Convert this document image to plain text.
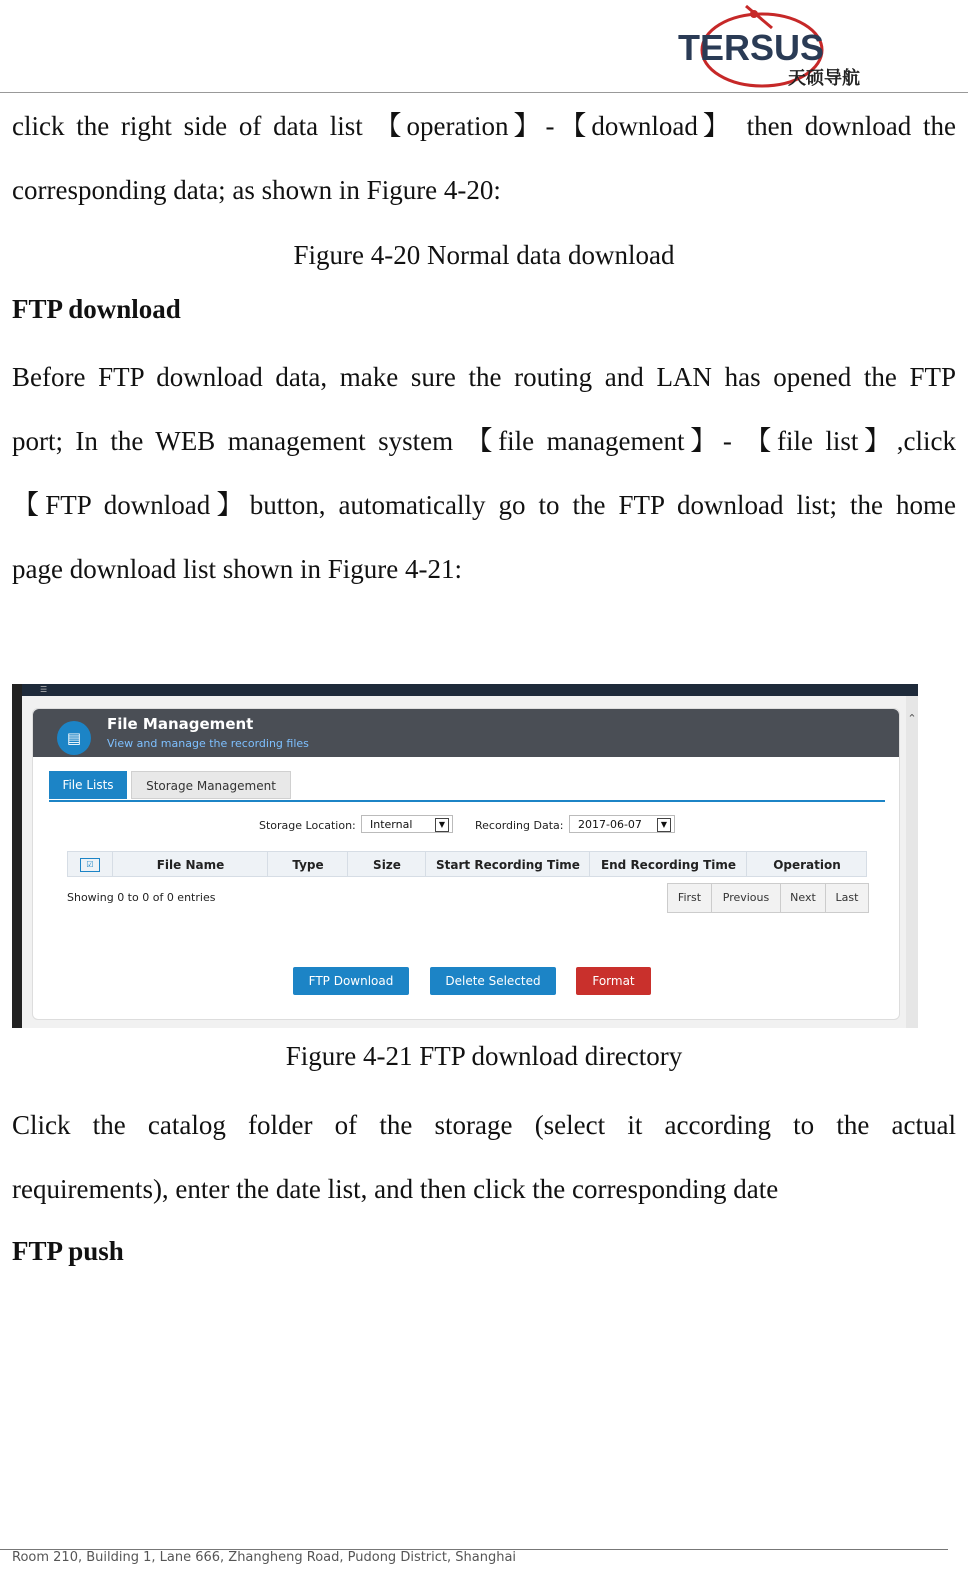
TERSUS
天硕导航
click the right side of data list 【operation】-【download】 then download the
corresponding data; as shown in Figure 4-20:
Figure 4-20 Normal data download
FTP download
Before FTP download data, make sure the routing and LAN has opened the FTP
port; In the WEB management system 【file management】- 【file list】,click
【FTP download】button, automatically go to the FTP download list; the home
page download list shown in Figure 4-21:
☰
⌃
▤
File Management
View and manage the recording files
File Lists	Storage Management
Storage Location:	Internal	▼	Recording Data:	2017-06-07	▼
☑	File Name	Type	Size	Start Recording Time	End Recording Time	Operation
Showing 0 to 0 of 0 entries	First	Previous	Next	Last
FTP Download	Delete Selected	Format
Figure 4-21 FTP download directory
Click the catalog folder of the storage (select it according to the actual
requirements), enter the date list, and then click the corresponding date
FTP push
Room 210, Building 1, Lane 666, Zhangheng Road, Pudong District, Shanghai
